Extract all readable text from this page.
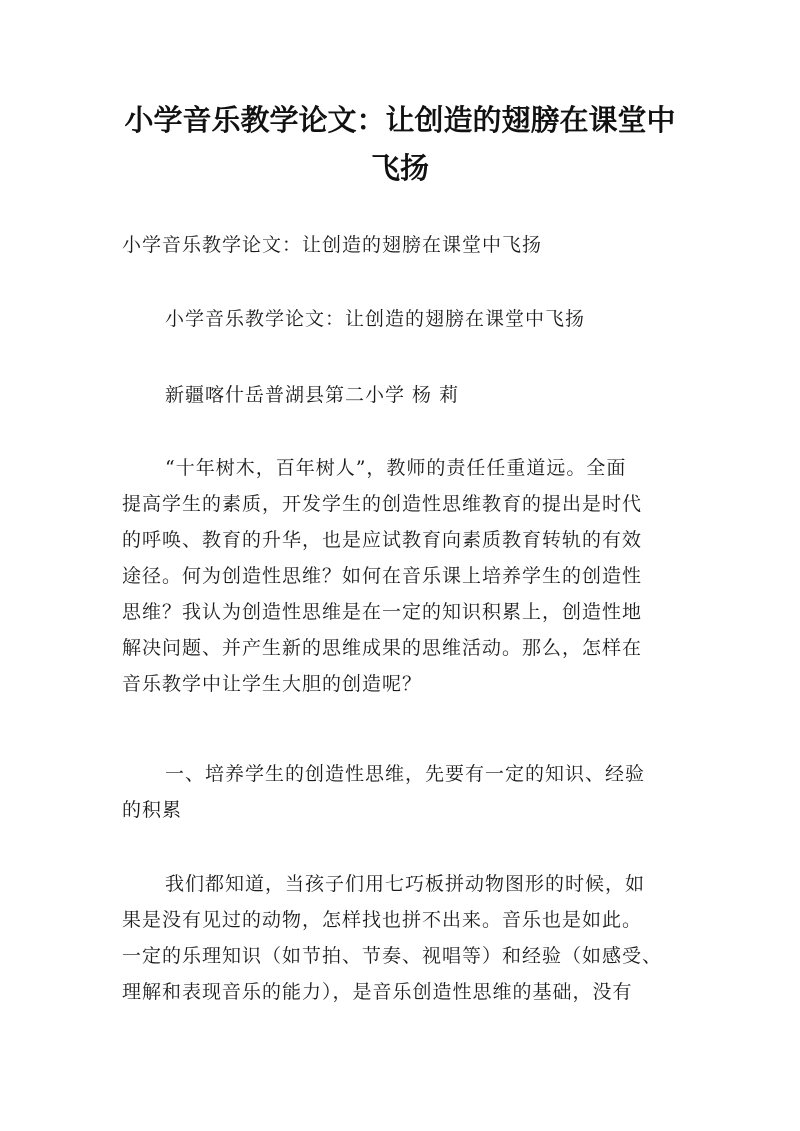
小学音乐教学论文：让创造的翅膀在课堂中
飞扬
小学音乐教学论文：让创造的翅膀在课堂中飞扬
小学音乐教学论文：让创造的翅膀在课堂中飞扬
新疆喀什岳普湖县第二小学 杨 莉
“十年树木，百年树人”，教师的责任任重道远。全面
提高学生的素质，开发学生的创造性思维教育的提出是时代
的呼唤、教育的升华，也是应试教育向素质教育转轨的有效
途径。何为创造性思维？如何在音乐课上培养学生的创造性
思维？我认为创造性思维是在一定的知识积累上，创造性地
解决问题、并产生新的思维成果的思维活动。那么，怎样在
音乐教学中让学生大胆的创造呢？
一、培养学生的创造性思维，先要有一定的知识、经验
的积累
我们都知道，当孩子们用七巧板拼动物图形的时候，如
果是没有见过的动物，怎样找也拼不出来。音乐也是如此。
一定的乐理知识（如节拍、节奏、视唱等）和经验（如感受、
理解和表现音乐的能力），是音乐创造性思维的基础，没有
